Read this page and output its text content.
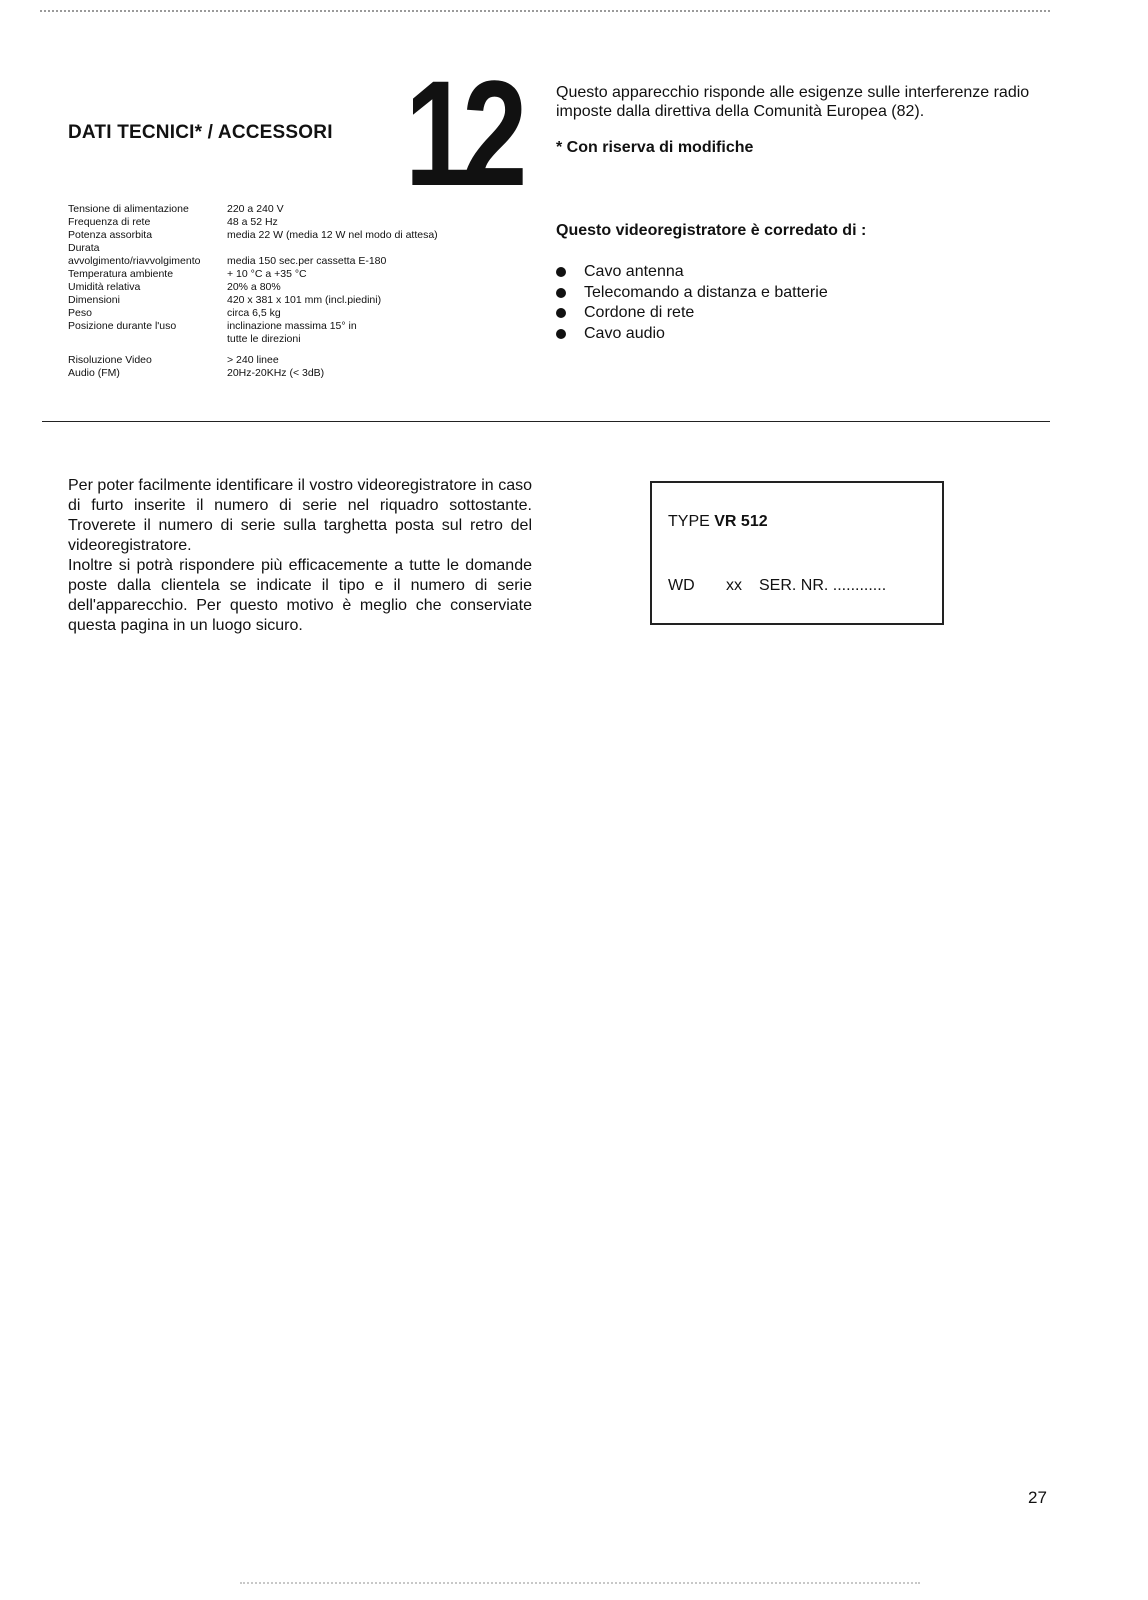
DATI TECNICI* / ACCESSORI 12 Questo apparecchio risponde alle esigenze sulle interferenze radio imposte dalla direttiva della Comunità Europea (82).
* Con riserva di modifiche
Tensione di alimentazione	220 a 240 V
Frequenza di rete	48 a 52 Hz
Potenza assorbita	media 22 W (media 12 W nel modo di attesa)
Durata
avvolgimento/riavvolgimento	media 150 sec.per cassetta E-180
Temperatura ambiente	+ 10 °C a +35 °C
Umidità relativa	20% a 80%
Dimensioni	420 x 381 x 101 mm (incl.piedini)
Peso	circa 6,5 kg
Posizione durante l'uso	inclinazione massima 15° in
tutte le direzioni
Risoluzione Video	> 240 linee
Audio (FM)	20Hz-20KHz (< 3dB)
Questo videoregistratore è corredato di :
Cavo antenna
Telecomando a distanza e batterie
Cordone di rete
Cavo audio
Per poter facilmente identificare il vostro videoregistratore in caso di furto inserite il numero di serie nel riquadro sottostante. Troverete il numero di serie sulla targhetta posta sul retro del videoregistratore.
Inoltre si potrà rispondere più efficacemente a tutte le domande poste dalla clientela se indicate il tipo e il numero di serie dell'apparecchio. Per questo motivo è meglio che conserviate questa pagina in un luogo sicuro.
TYPE VR 512
WD xx SER. NR. ............
27
